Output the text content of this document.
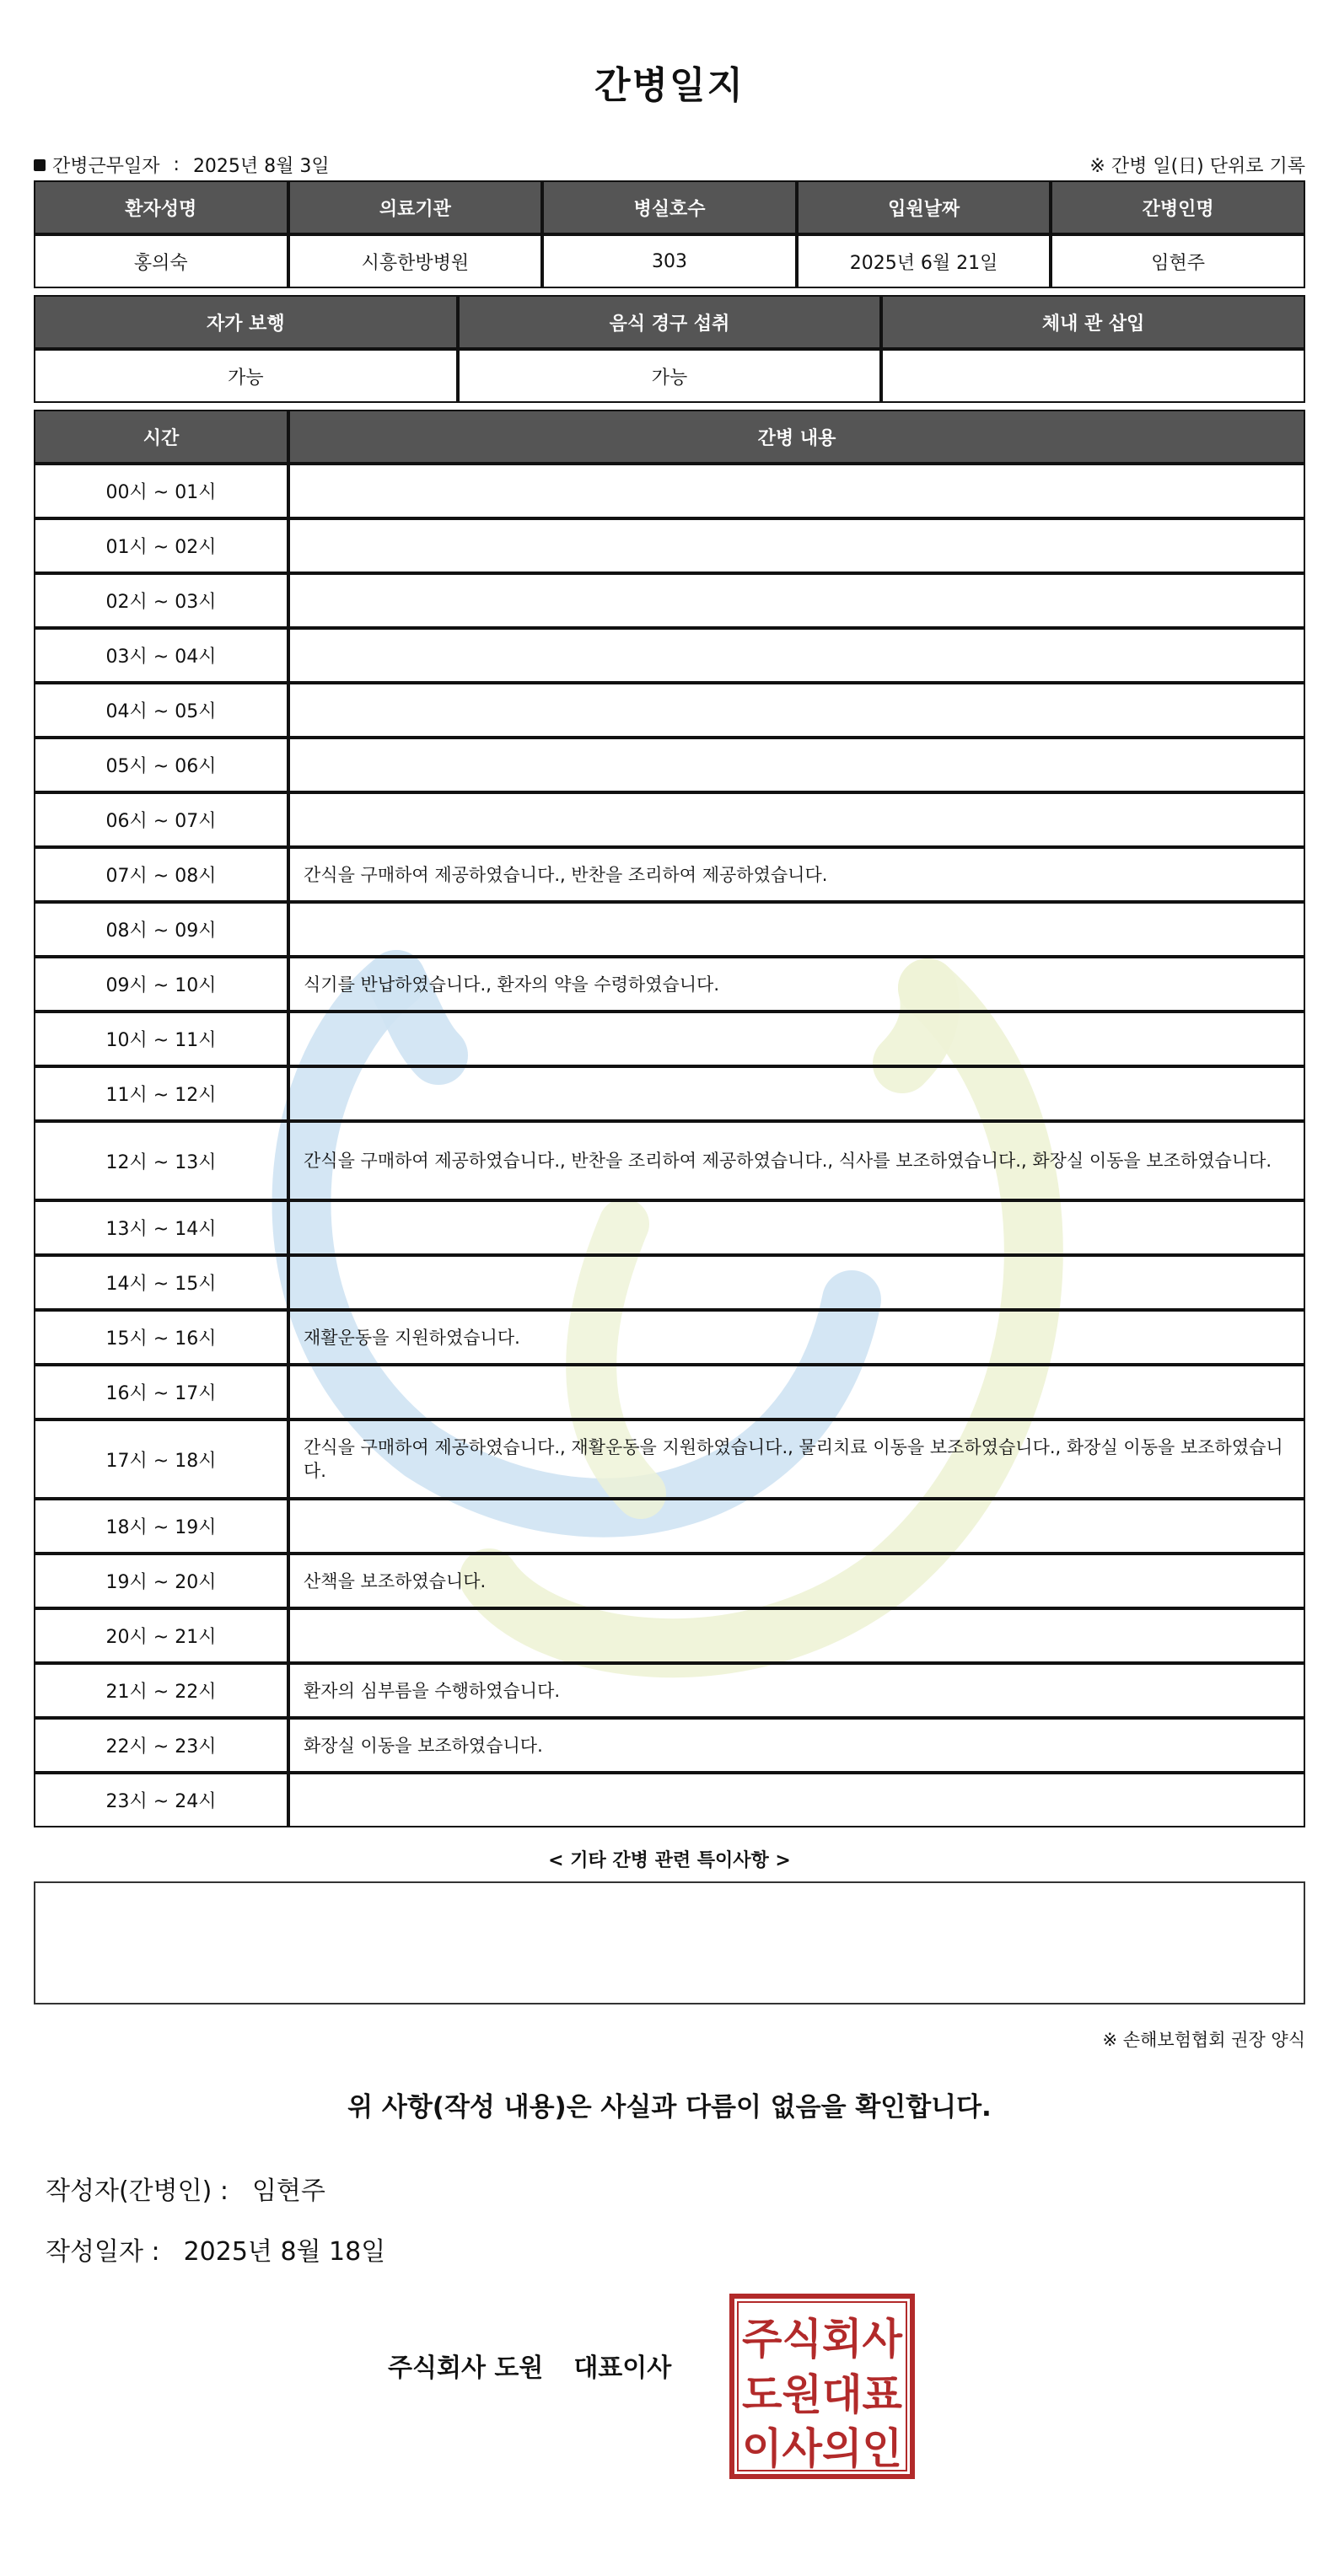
간병일지
간병근무일자 : 2025년 8월 3일	※ 간병 일(日) 단위로 기록
환자성명	의료기관	병실호수	입원날짜	간병인명
홍의숙	시흥한방병원	303	2025년 6월 21일	임현주
자가 보행	음식 경구 섭취	체내 관 삽입
가능	가능	
시간	간병 내용
00시 ~ 01시	
01시 ~ 02시	
02시 ~ 03시	
03시 ~ 04시	
04시 ~ 05시	
05시 ~ 06시	
06시 ~ 07시	
07시 ~ 08시	간식을 구매하여 제공하였습니다., 반찬을 조리하여 제공하였습니다.
08시 ~ 09시	
09시 ~ 10시	식기를 반납하였습니다., 환자의 약을 수령하였습니다.
10시 ~ 11시	
11시 ~ 12시	
12시 ~ 13시	간식을 구매하여 제공하였습니다., 반찬을 조리하여 제공하였습니다., 식사를 보조하였습니다., 화장실 이동을 보조하였습니다.
13시 ~ 14시	
14시 ~ 15시	
15시 ~ 16시	재활운동을 지원하였습니다.
16시 ~ 17시	
17시 ~ 18시	간식을 구매하여 제공하였습니다., 재활운동을 지원하였습니다., 물리치료 이동을 보조하였습니다., 화장실 이동을 보조하였습니다.
18시 ~ 19시	
19시 ~ 20시	산책을 보조하였습니다.
20시 ~ 21시	
21시 ~ 22시	환자의 심부름을 수행하였습니다.
22시 ~ 23시	화장실 이동을 보조하였습니다.
23시 ~ 24시	
< 기타 간병 관련 특이사항 >
※ 손해보험협회 권장 양식
위 사항(작성 내용)은 사실과 다름이 없음을 확인합니다.
작성자(간병인) : 임현주
작성일자 : 2025년 8월 18일
주식회사 도원 대표이사
주식회사
도원대표
이사의인
